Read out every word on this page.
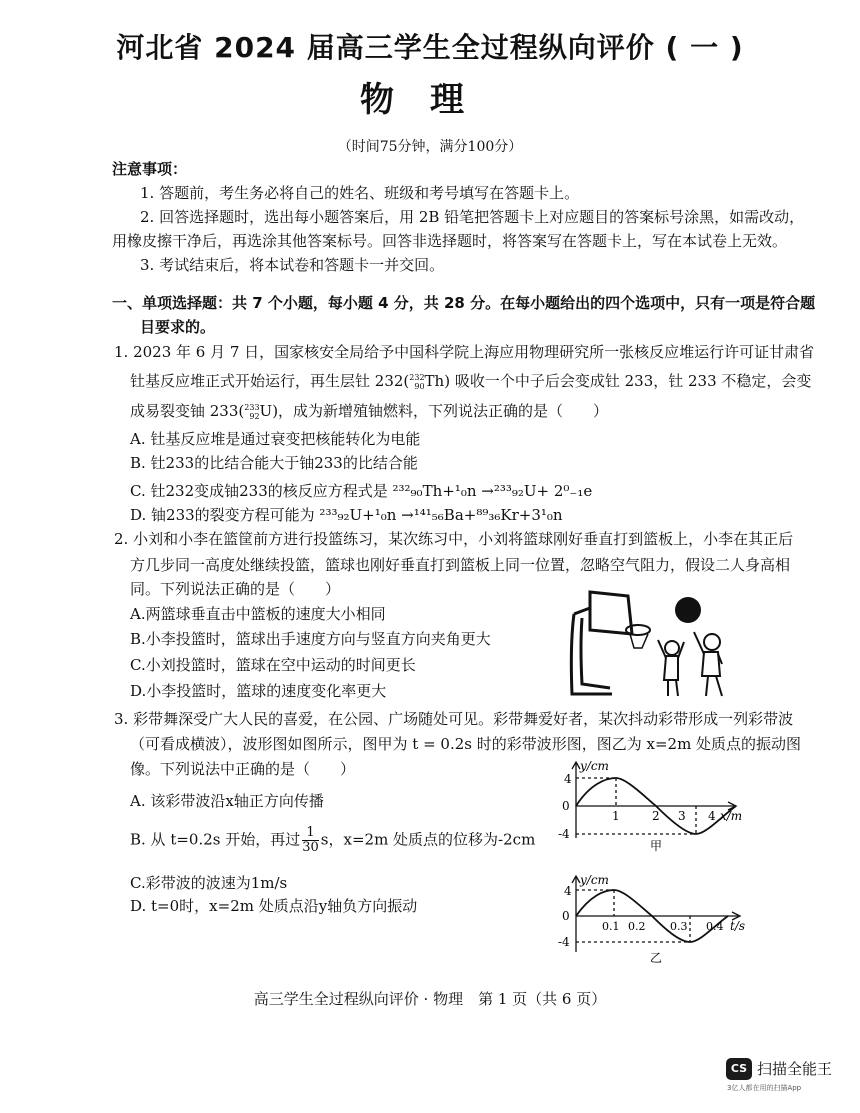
河北省 2024 届高三学生全过程纵向评价 ( 一 )
物理
（时间75分钟，满分100分）
注意事项：
1. 答题前，考生务必将自己的姓名、班级和考号填写在答题卡上。
2. 回答选择题时，选出每小题答案后，用 2B 铅笔把答题卡上对应题目的答案标号涂黑，如需改动，
用橡皮擦干净后，再选涂其他答案标号。回答非选择题时，将答案写在答题卡上，写在本试卷上无效。
3. 考试结束后，将本试卷和答题卡一并交回。
一、单项选择题：共 7 个小题，每小题 4 分，共 28 分。在每小题给出的四个选项中，只有一项是符合题
目要求的。
1. 2023 年 6 月 7 日，国家核安全局给予中国科学院上海应用物理研究所一张核反应堆运行许可证甘肃省
钍基反应堆正式开始运行，再生层钍 232( 232
90 Th) 吸收一个中子后会变成钍 233，钍 233 不稳定，会变
成易裂变铀 233( 233
92 U)，成为新增殖铀燃料，下列说法正确的是（　　）
A. 钍基反应堆是通过衰变把核能转化为电能
B. 钍233的比结合能大于铀233的比结合能
C. 钍232变成铀233的核反应方程式是 ²³²₉₀Th+¹₀n →²³³₉₂U+ 2⁰₋₁e
D. 铀233的裂变方程可能为 ²³³₉₂U+¹₀n →¹⁴¹₅₆Ba+⁸⁹₃₆Kr+3¹₀n
2. 小刘和小李在篮筐前方进行投篮练习，某次练习中，小刘将篮球刚好垂直打到篮板上，小李在其正后
方几步同一高度处继续投篮，篮球也刚好垂直打到篮板上同一位置，忽略空气阻力，假设二人身高相
同。下列说法正确的是（　　）
A.两篮球垂直击中篮板的速度大小相同
B.小李投篮时，篮球出手速度方向与竖直方向夹角更大
C.小刘投篮时，篮球在空中运动的时间更长
D.小李投篮时，篮球的速度变化率更大
3. 彩带舞深受广大人民的喜爱，在公园、广场随处可见。彩带舞爱好者，某次抖动彩带形成一列彩带波
（可看成横波），波形图如图所示，图甲为 t = 0.2s 时的彩带波形图，图乙为 x=2m 处质点的振动图
像。下列说法中正确的是（　　）
A. 该彩带波沿x轴正方向传播
B. 从 t=0.2s 开始，再过 $\frac{1}{30}$ s，x=2m 处质点的位移为-2cm
C.彩带波的波速为1m/s
D. t=0时，x=2m 处质点沿y轴负方向振动
y/cm
4
0
-4
1	2 3 4 x/m
甲
y/cm
4
0
-4
0.1 0.2 0.3 0.4 t/s
乙
高三学生全过程纵向评价 · 物理　第 1 页（共 6 页）
CS 扫描全能王
3亿人都在用的扫描App
